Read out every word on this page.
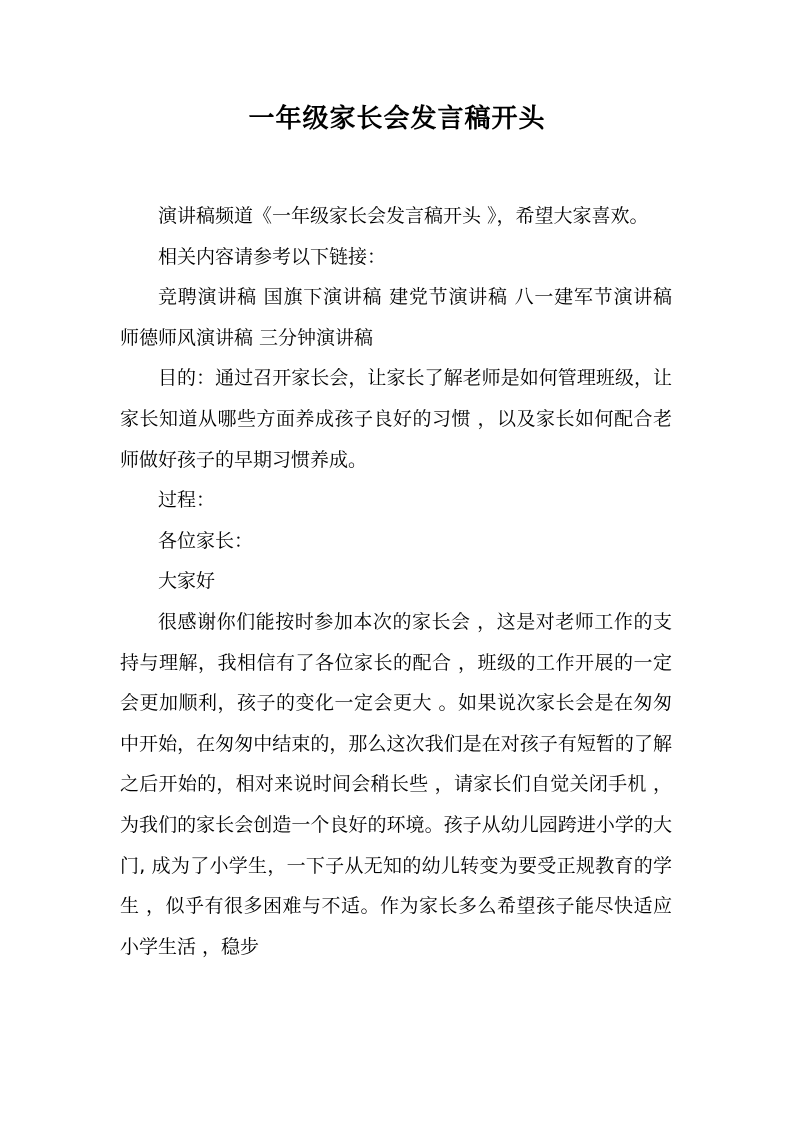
一年级家长会发言稿开头

演讲稿频道《一年级家长会发言稿开头 》，希望大家喜欢。

相关内容请参考以下链接：

竞聘演讲稿 国旗下演讲稿 建党节演讲稿 八一建军节演讲稿 师德师风演讲稿 三分钟演讲稿

目的：通过召开家长会，让家长了解老师是如何管理班级，让家长知道从哪些方面养成孩子良好的习惯 ，以及家长如何配合老师做好孩子的早期习惯养成。

过程：

各位家长：

大家好

很感谢你们能按时参加本次的家长会 ，这是对老师工作的支持与理解，我相信有了各位家长的配合 ，班级的工作开展的一定会更加顺利，孩子的变化一定会更大 。如果说次家长会是在匆匆中开始，在匆匆中结束的，那么这次我们是在对孩子有短暂的了解之后开始的，相对来说时间会稍长些 ，请家长们自觉关闭手机 ，为我们的家长会创造一个良好的环境。孩子从幼儿园跨进小学的大门, 成为了小学生，一下子从无知的幼儿转变为要受正规教育的学生 ，似乎有很多困难与不适。作为家长多么希望孩子能尽快适应小学生活 ，稳步
